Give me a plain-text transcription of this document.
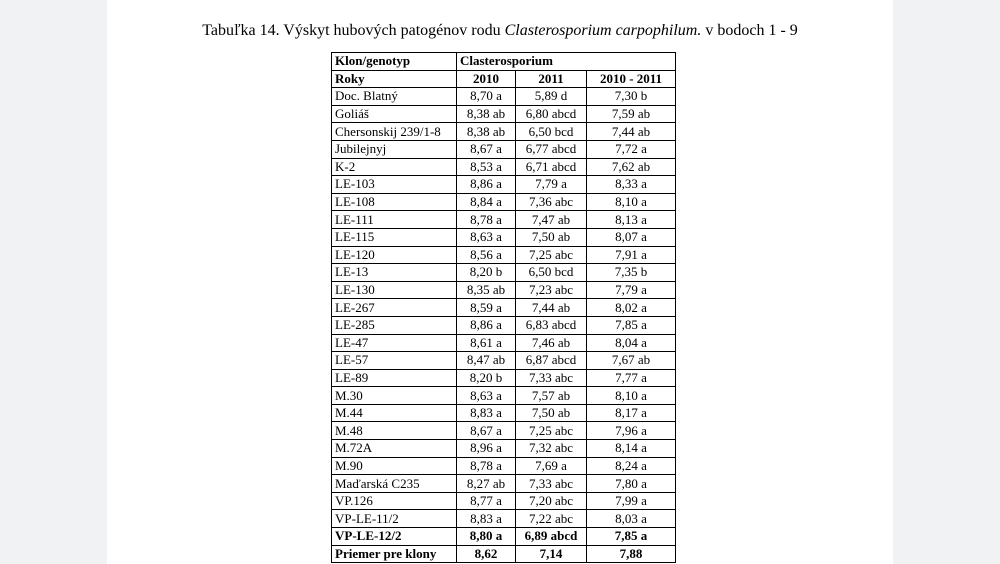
Tabuľka 14. Výskyt hubových patogénov rodu Clasterosporium carpophilum. v bodoch 1 - 9
Klon/genotyp	Clasterosporium		
Roky	2010	2011	2010 - 2011
Doc. Blatný	8,70 a	5,89 d	7,30 b
Goliáš	8,38 ab	6,80 abcd	7,59 ab
Chersonskij 239/1-8	8,38 ab	6,50 bcd	7,44 ab
Jubilejnyj	8,67 a	6,77 abcd	7,72 a
K-2	8,53 a	6,71 abcd	7,62 ab
LE-103	8,86 a	7,79 a	8,33 a
LE-108	8,84 a	7,36 abc	8,10 a
LE-111	8,78 a	7,47 ab	8,13 a
LE-115	8,63 a	7,50 ab	8,07 a
LE-120	8,56 a	7,25 abc	7,91 a
LE-13	8,20 b	6,50 bcd	7,35 b
LE-130	8,35 ab	7,23 abc	7,79 a
LE-267	8,59 a	7,44 ab	8,02 a
LE-285	8,86 a	6,83 abcd	7,85 a
LE-47	8,61 a	7,46 ab	8,04 a
LE-57	8,47 ab	6,87 abcd	7,67 ab
LE-89	8,20 b	7,33 abc	7,77 a
M.30	8,63 a	7,57 ab	8,10 a
M.44	8,83 a	7,50 ab	8,17 a
M.48	8,67 a	7,25 abc	7,96 a
M.72A	8,96 a	7,32 abc	8,14 a
M.90	8,78 a	7,69 a	8,24 a
Maďarská C235	8,27 ab	7,33 abc	7,80 a
VP.126	8,77 a	7,20 abc	7,99 a
VP-LE-11/2	8,83 a	7,22 abc	8,03 a
VP-LE-12/2	8,80 a	6,89 abcd	7,85 a
Priemer pre klony	8,62	7,14	7,88
